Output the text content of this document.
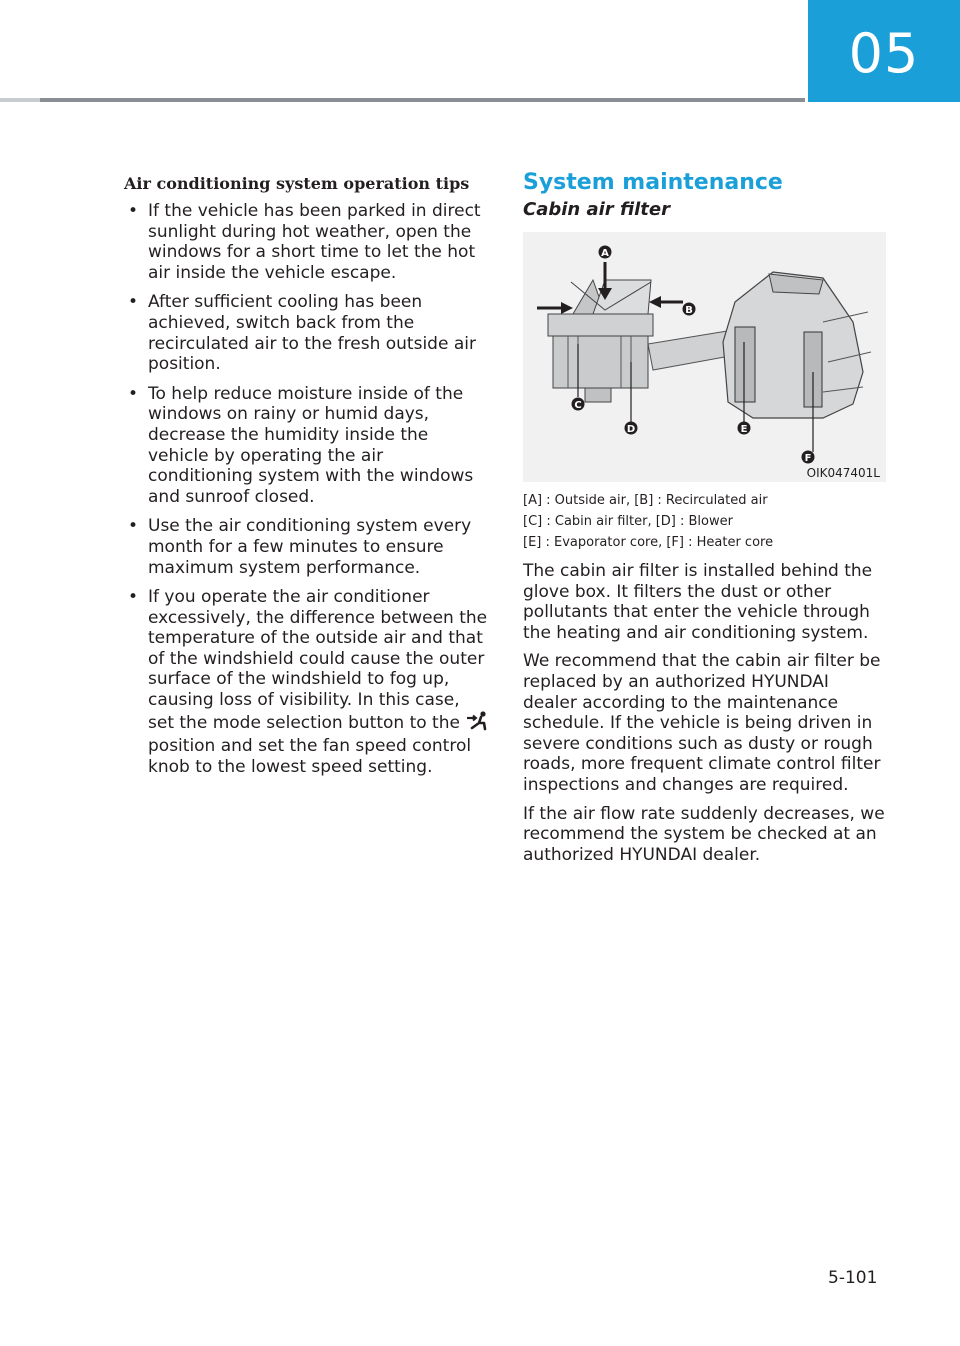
05
Air conditioning system operation tips
• If the vehicle has been parked in direct sunlight during hot weather, open the windows for a short time to let the hot air inside the vehicle escape.
• After sufficient cooling has been achieved, switch back from the recirculated air to the fresh outside air position.
• To help reduce moisture inside of the windows on rainy or humid days, decrease the humidity inside the vehicle by operating the air conditioning system with the windows and sunroof closed.
• Use the air conditioning system every month for a few minutes to ensure maximum system performance.
• If you operate the air conditioner excessively, the difference between the temperature of the outside air and that of the windshield could cause the outer surface of the windshield to fog up, causing loss of visibility. In this case, set the mode selection button to the  position and set the fan speed control knob to the lowest speed setting.
System maintenance
Cabin air filter
A
B
C
D	E
F
OIK047401L
[A] : Outside air, [B] : Recirculated air
[C] : Cabin air filter, [D] : Blower
[E] : Evaporator core, [F] : Heater core

The cabin air filter is installed behind the glove box. It filters the dust or other pollutants that enter the vehicle through the heating and air conditioning system.

We recommend that the cabin air filter be replaced by an authorized HYUNDAI dealer according to the maintenance schedule. If the vehicle is being driven in severe conditions such as dusty or rough roads, more frequent climate control filter inspections and changes are required.

If the air flow rate suddenly decreases, we recommend the system be checked at an authorized HYUNDAI dealer.

5-101
